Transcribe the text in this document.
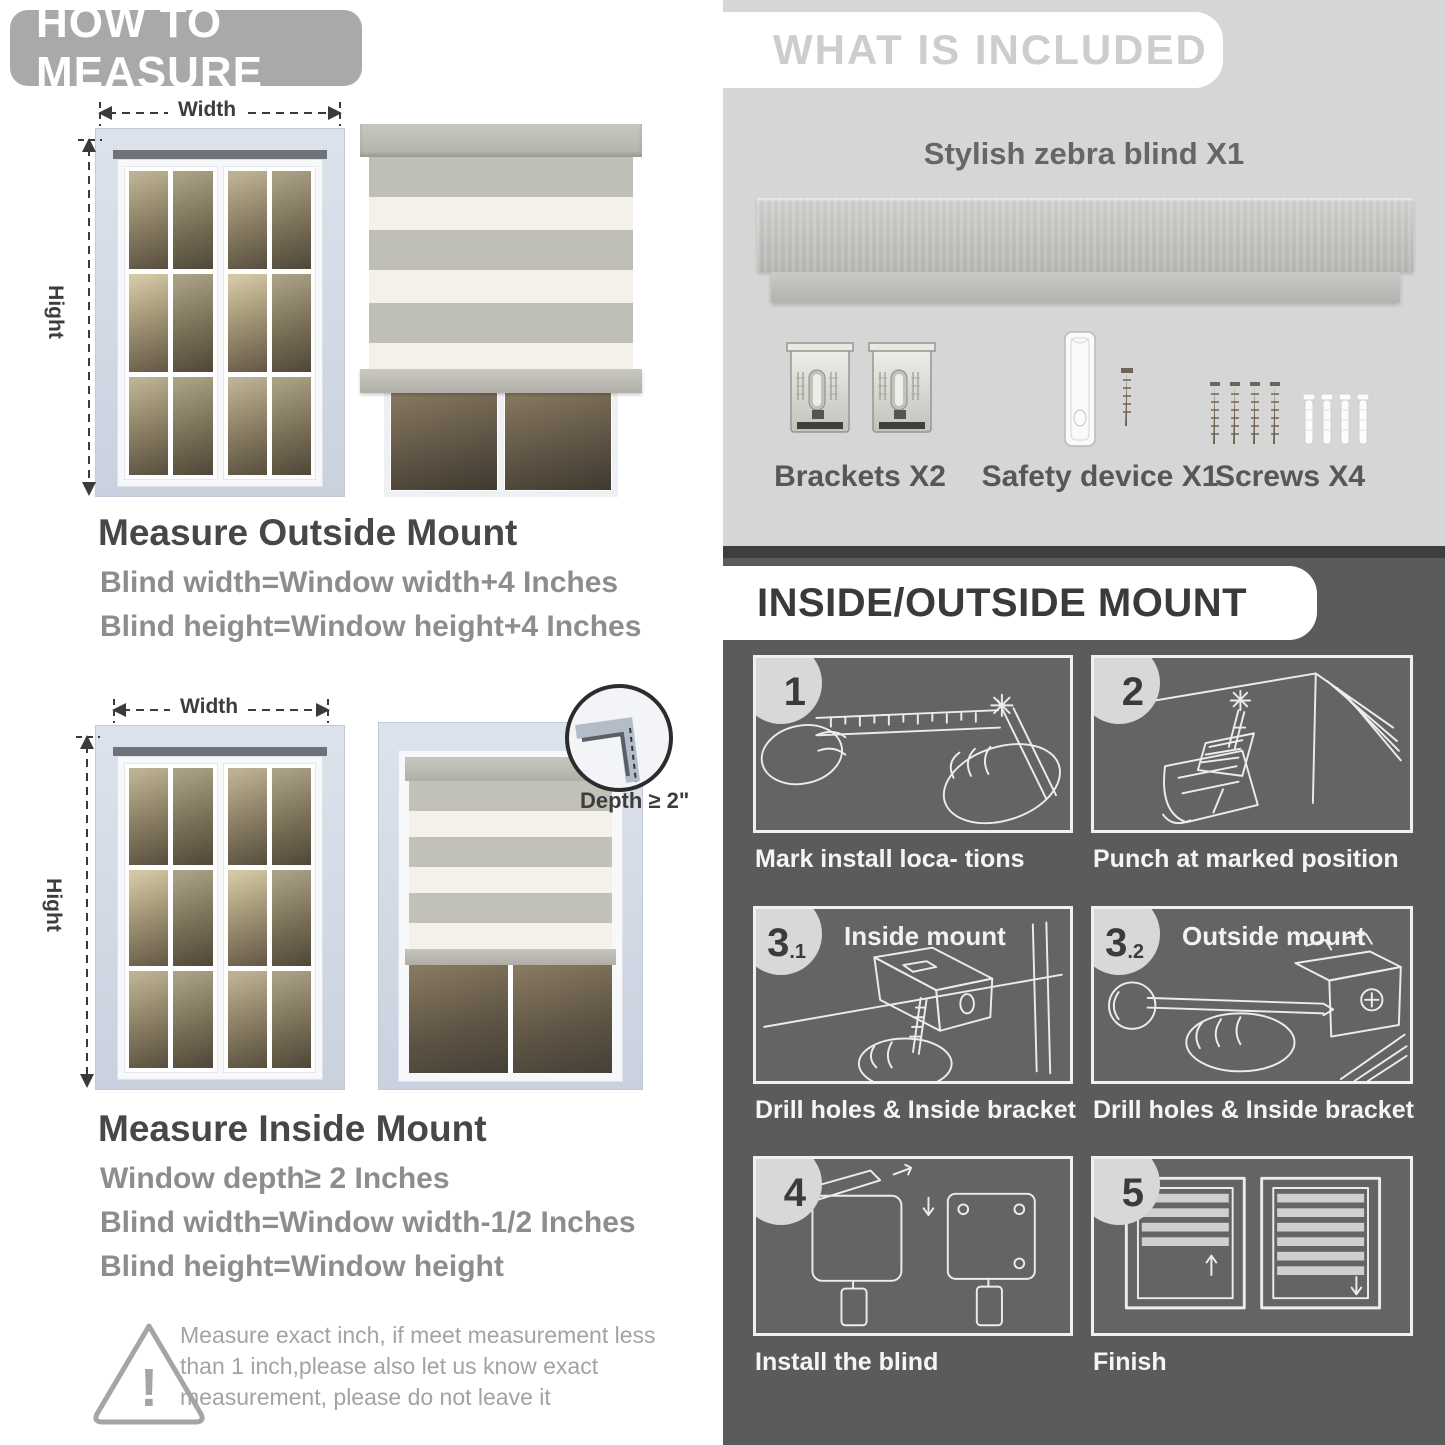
HOW TO MEASURE
Width
Hight
Measure Outside Mount
Blind width=Window width+4 Inches
Blind height=Window height+4 Inches
Width
Hight
Depth ≥ 2"
Measure Inside Mount
Window depth≥ 2 Inches
Blind width=Window width-1/2 Inches
Blind height=Window height
!
Measure exact inch, if meet measurement less than 1 inch,please also let us know exact measurement, please do not leave it
WHAT IS INCLUDED
Stylish zebra blind X1
Brackets X2	Safety device X1
Screws X4
INSIDE/OUTSIDE MOUNT
1
Mark install loca- tions
2
Punch at marked position
3 .1
Inside mount
Drill holes & Inside bracket
3 .2
Outside mount
Drill holes & Inside bracket
4
Install the blind
5
Finish
